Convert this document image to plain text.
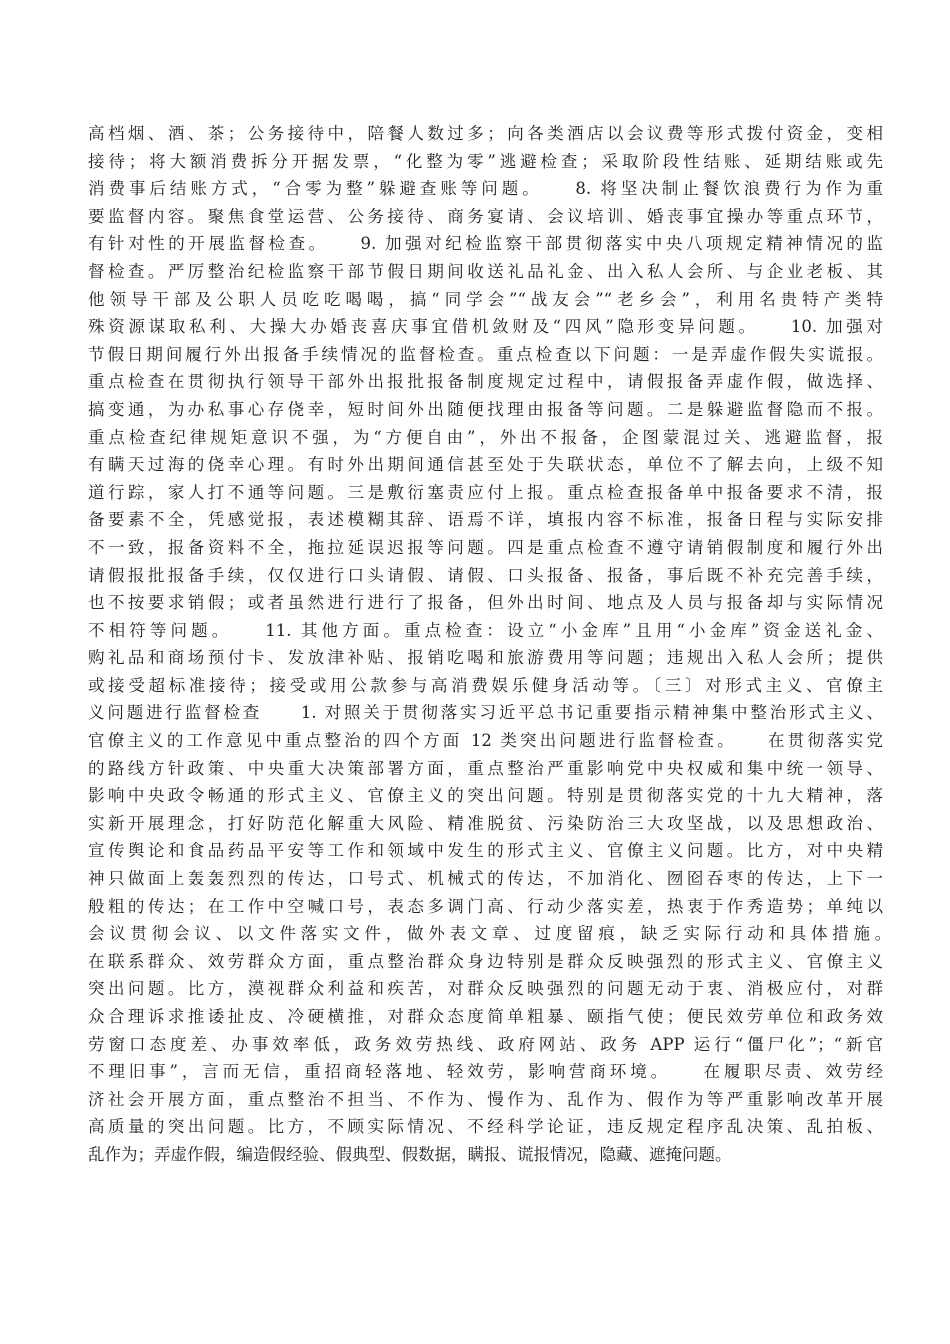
高档烟、酒、茶；公务接待中，陪餐人数过多；向各类酒店以会议费等形式拨付资金，变相
接待；将大额消费拆分开据发票，“化整为零”逃避检查；采取阶段性结账、延期结账或先
消费事后结账方式，“合零为整”躲避查账等问题。　　8. 将坚决制止餐饮浪费行为作为重
要监督内容。聚焦食堂运营、公务接待、商务宴请、会议培训、婚丧事宜操办等重点环节，
有针对性的开展监督检查。　　9. 加强对纪检监察干部贯彻落实中央八项规定精神情况的监
督检查。严厉整治纪检监察干部节假日期间收送礼品礼金、出入私人会所、与企业老板、其
他领导干部及公职人员吃吃喝喝，搞“同学会”“战友会”“老乡会”，利用名贵特产类特
殊资源谋取私利、大操大办婚丧喜庆事宜借机敛财及“四风”隐形变异问题。　　10. 加强对
节假日期间履行外出报备手续情况的监督检查。重点检查以下问题：一是弄虚作假失实谎报。
重点检查在贯彻执行领导干部外出报批报备制度规定过程中，请假报备弄虚作假，做选择、
搞变通，为办私事心存侥幸，短时间外出随便找理由报备等问题。二是躲避监督隐而不报。
重点检查纪律规矩意识不强，为“方便自由”，外出不报备，企图蒙混过关、逃避监督，报
有瞒天过海的侥幸心理。有时外出期间通信甚至处于失联状态，单位不了解去向，上级不知
道行踪，家人打不通等问题。三是敷衍塞责应付上报。重点检查报备单中报备要求不清，报
备要素不全，凭感觉报，表述模糊其辞、语焉不详，填报内容不标准，报备日程与实际安排
不一致，报备资料不全，拖拉延误迟报等问题。四是重点检查不遵守请销假制度和履行外出
请假报批报备手续，仅仅进行口头请假、请假、口头报备、报备，事后既不补充完善手续，
也不按要求销假；或者虽然进行进行了报备，但外出时间、地点及人员与报备却与实际情况
不相符等问题。　　11. 其他方面。重点检查：设立“小金库”且用“小金库”资金送礼金、
购礼品和商场预付卡、发放津补贴、报销吃喝和旅游费用等问题；违规出入私人会所；提供
或接受超标准接待；接受或用公款参与高消费娱乐健身活动等。〔三〕对形式主义、官僚主
义问题进行监督检查　　1. 对照关于贯彻落实习近平总书记重要指示精神集中整治形式主义、
官僚主义的工作意见中重点整治的四个方面 12 类突出问题进行监督检查。　　在贯彻落实党
的路线方针政策、中央重大决策部署方面，重点整治严重影响党中央权威和集中统一领导、
影响中央政令畅通的形式主义、官僚主义的突出问题。特别是贯彻落实党的十九大精神，落
实新开展理念，打好防范化解重大风险、精准脱贫、污染防治三大攻坚战，以及思想政治、
宣传舆论和食品药品平安等工作和领域中发生的形式主义、官僚主义问题。比方，对中央精
神只做面上轰轰烈烈的传达，口号式、机械式的传达，不加消化、囫囵吞枣的传达，上下一
般粗的传达；在工作中空喊口号，表态多调门高、行动少落实差，热衷于作秀造势；单纯以
会议贯彻会议、以文件落实文件，做外表文章、过度留痕，缺乏实际行动和具体措施。　　
在联系群众、效劳群众方面，重点整治群众身边特别是群众反映强烈的形式主义、官僚主义
突出问题。比方，漠视群众利益和疾苦，对群众反映强烈的问题无动于衷、消极应付，对群
众合理诉求推诿扯皮、冷硬横推，对群众态度简单粗暴、颐指气使；便民效劳单位和政务效
劳窗口态度差、办事效率低，政务效劳热线、政府网站、政务 APP 运行“僵尸化”；“新官
不理旧事”，言而无信，重招商轻落地、轻效劳，影响营商环境。　　在履职尽责、效劳经
济社会开展方面，重点整治不担当、不作为、慢作为、乱作为、假作为等严重影响改革开展
高质量的突出问题。比方，不顾实际情况、不经科学论证，违反规定程序乱决策、乱拍板、
乱作为；弄虚作假，编造假经验、假典型、假数据，瞒报、谎报情况，隐藏、遮掩问题。
